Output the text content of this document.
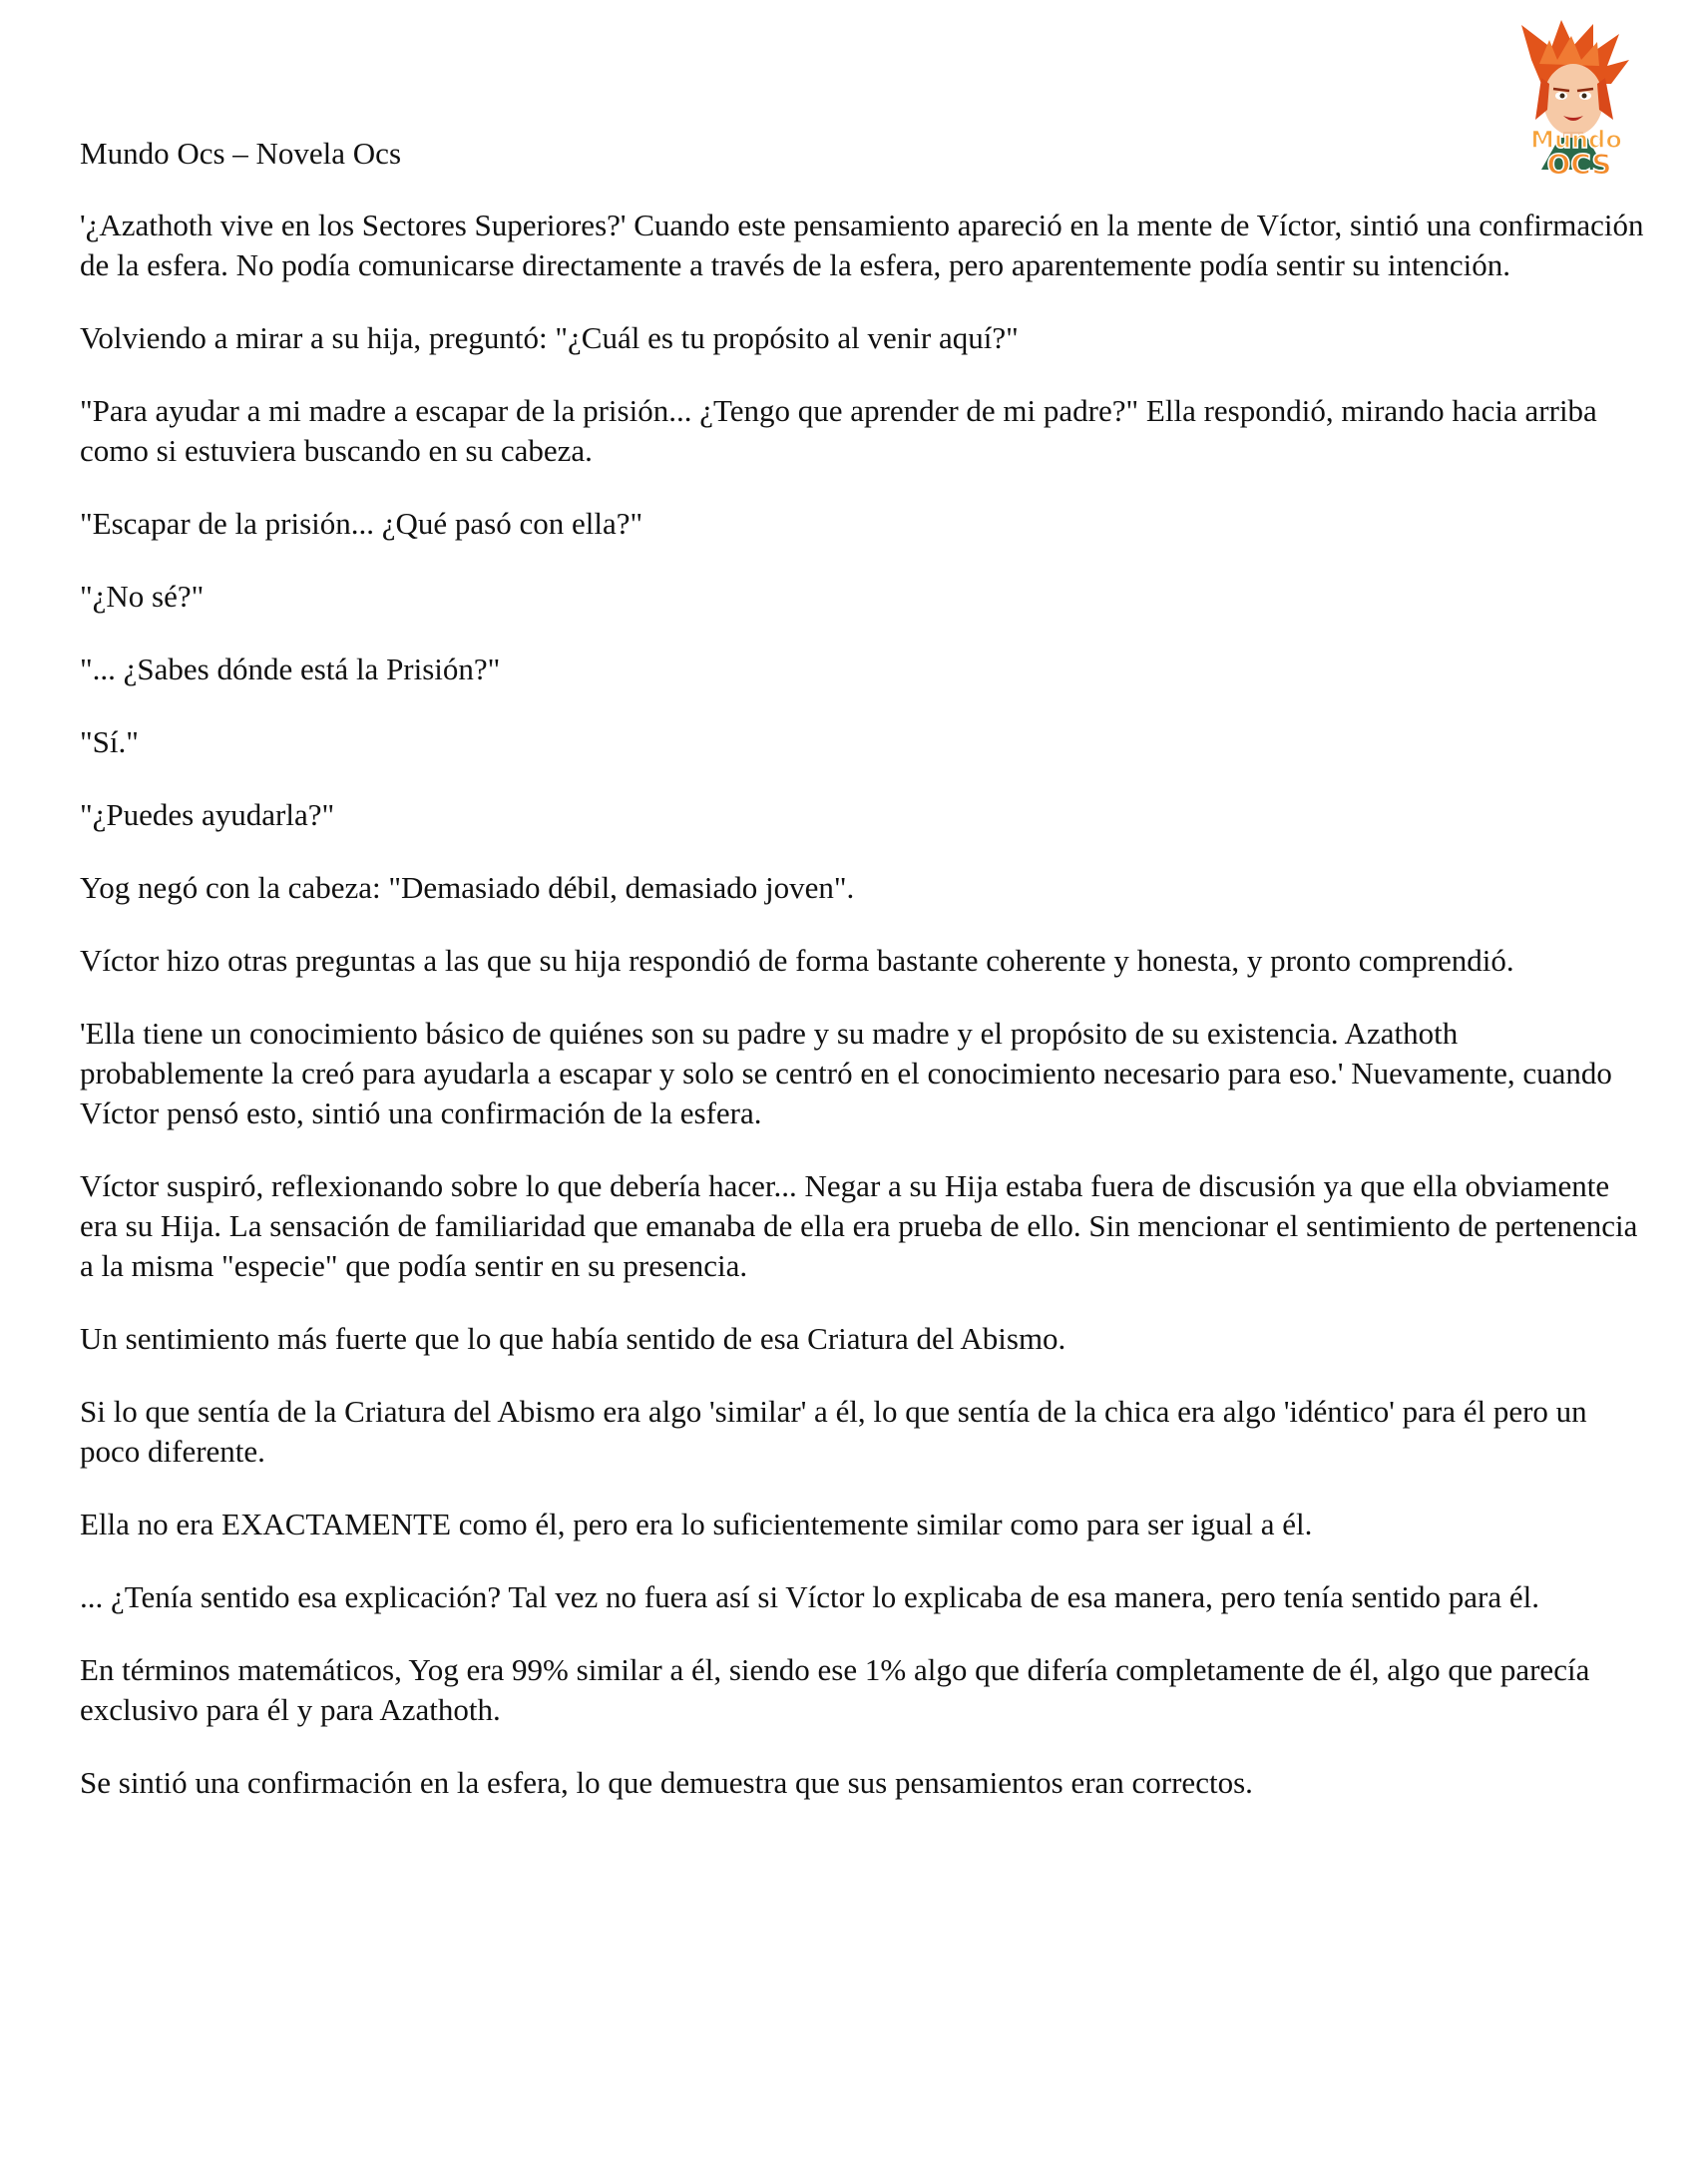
Mundo
OCS
Mundo Ocs – Novela Ocs

'¿Azathoth vive en los Sectores Superiores?' Cuando este pensamiento apareció en la mente de Víctor, sintió una confirmación de la esfera. No podía comunicarse directamente a través de la esfera, pero aparentemente podía sentir su intención.

Volviendo a mirar a su hija, preguntó: "¿Cuál es tu propósito al venir aquí?"

"Para ayudar a mi madre a escapar de la prisión... ¿Tengo que aprender de mi padre?" Ella respondió, mirando hacia arriba como si estuviera buscando en su cabeza.

"Escapar de la prisión... ¿Qué pasó con ella?"

"¿No sé?"

"... ¿Sabes dónde está la Prisión?"

"Sí."

"¿Puedes ayudarla?"

Yog negó con la cabeza: "Demasiado débil, demasiado joven".

Víctor hizo otras preguntas a las que su hija respondió de forma bastante coherente y honesta, y pronto comprendió.

'Ella tiene un conocimiento básico de quiénes son su padre y su madre y el propósito de su existencia. Azathoth probablemente la creó para ayudarla a escapar y solo se centró en el conocimiento necesario para eso.' Nuevamente, cuando Víctor pensó esto, sintió una confirmación de la esfera.

Víctor suspiró, reflexionando sobre lo que debería hacer... Negar a su Hija estaba fuera de discusión ya que ella obviamente era su Hija. La sensación de familiaridad que emanaba de ella era prueba de ello. Sin mencionar el sentimiento de pertenencia a la misma "especie" que podía sentir en su presencia.

Un sentimiento más fuerte que lo que había sentido de esa Criatura del Abismo.

Si lo que sentía de la Criatura del Abismo era algo 'similar' a él, lo que sentía de la chica era algo 'idéntico' para él pero un poco diferente.

Ella no era EXACTAMENTE como él, pero era lo suficientemente similar como para ser igual a él.

... ¿Tenía sentido esa explicación? Tal vez no fuera así si Víctor lo explicaba de esa manera, pero tenía sentido para él.

En términos matemáticos, Yog era 99% similar a él, siendo ese 1% algo que difería completamente de él, algo que parecía exclusivo para él y para Azathoth.

Se sintió una confirmación en la esfera, lo que demuestra que sus pensamientos eran correctos.
